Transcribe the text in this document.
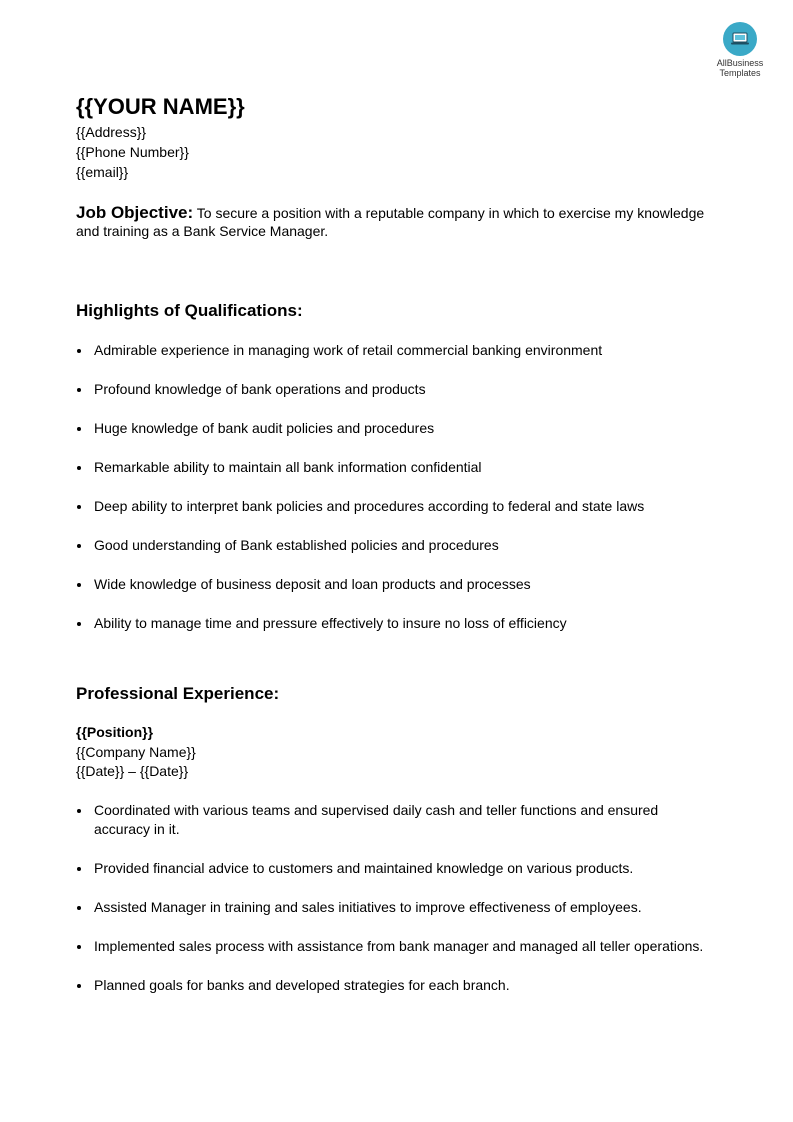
AllBusiness
Templates
{{YOUR NAME}}
{{Address}}
{{Phone Number}}
{{email}}
Job Objective: To secure a position with a reputable company in which to exercise my knowledge and training as a Bank Service Manager.
Highlights of Qualifications:
Admirable experience in managing work of retail commercial banking environment
Profound knowledge of bank operations and products
Huge knowledge of bank audit policies and procedures
Remarkable ability to maintain all bank information confidential
Deep ability to interpret bank policies and procedures according to federal and state laws
Good understanding of Bank established policies and procedures
Wide knowledge of business deposit and loan products and processes
Ability to manage time and pressure effectively to insure no loss of efficiency
Professional Experience:
{{Position}}
{{Company Name}}
{{Date}} – {{Date}}
Coordinated with various teams and supervised daily cash and teller functions and ensured accuracy in it.
Provided financial advice to customers and maintained knowledge on various products.
Assisted Manager in training and sales initiatives to improve effectiveness of employees.
Implemented sales process with assistance from bank manager and managed all teller operations.
Planned goals for banks and developed strategies for each branch.
